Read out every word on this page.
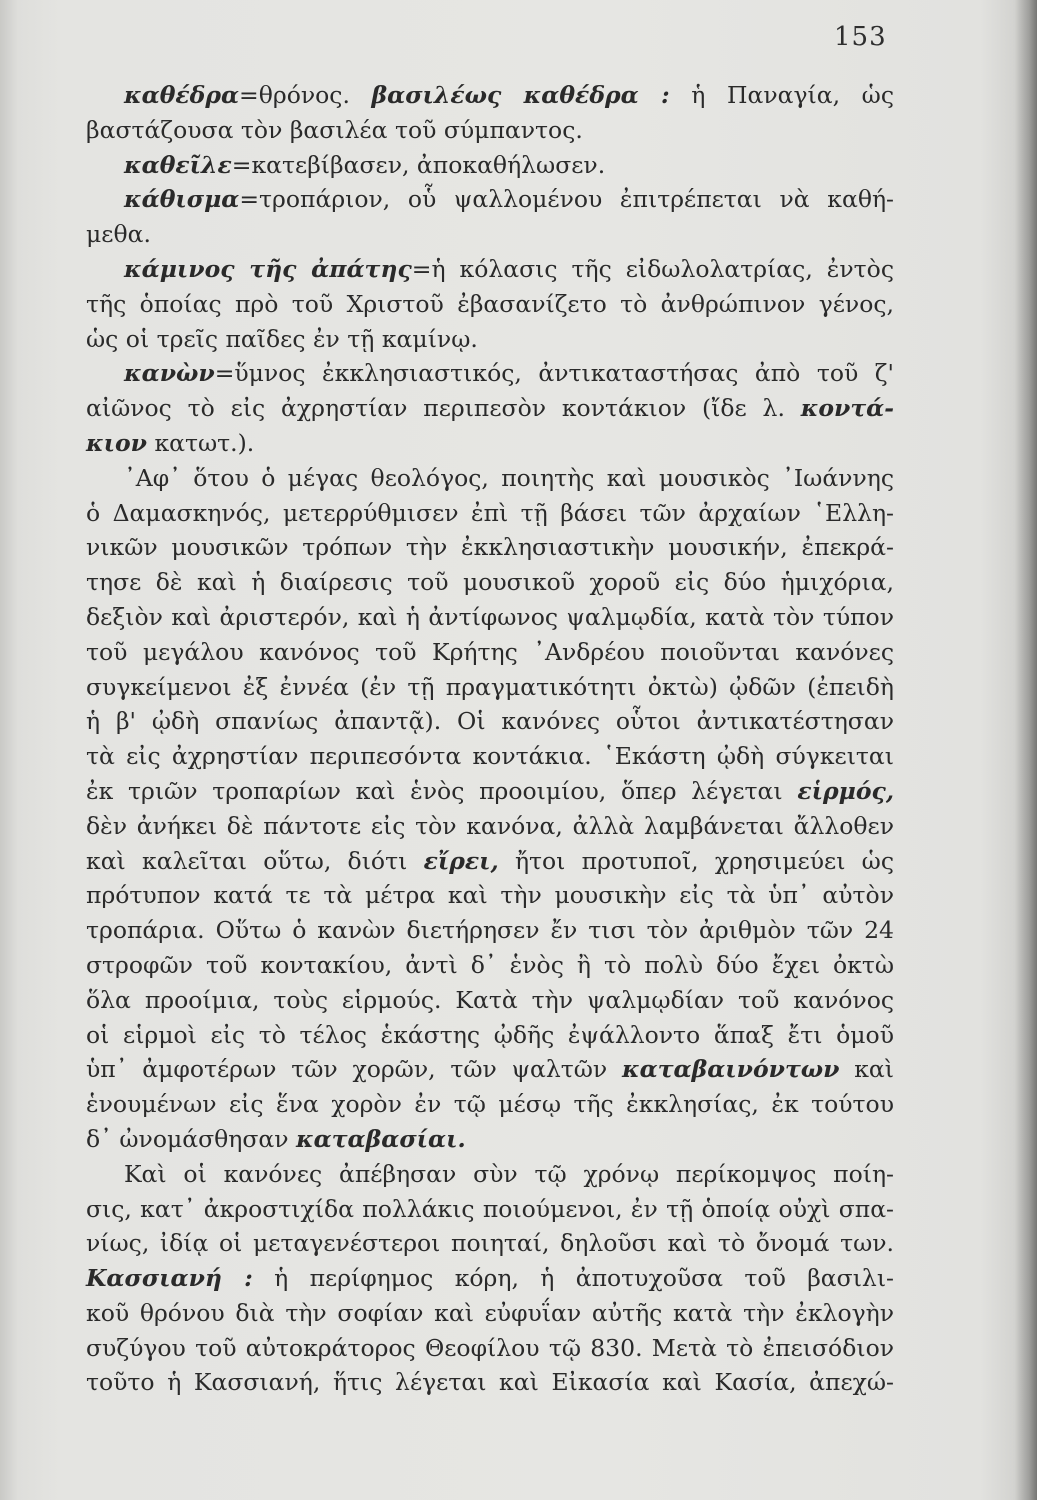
153
καθέδρα=θρόνος. βασιλέως καθέδρα : ἡ Παναγία, ὡς
βαστάζουσα τὸν βασιλέα τοῦ σύμπαντος.
καθεῖλε=κατεβίβασεν, ἀποκαθήλωσεν.
κάθισμα=τροπάριον, οὗ ψαλλομένου ἐπιτρέπεται νὰ καθή-
μεθα.
κάμινος τῆς ἀπάτης=ἡ κόλασις τῆς εἰδωλολατρίας, ἐντὸς
τῆς ὁποίας πρὸ τοῦ Χριστοῦ ἐβασανίζετο τὸ ἀνθρώπινον γένος,
ὡς οἱ τρεῖς παῖδες ἐν τῇ καμίνῳ.
κανὼν=ὕμνος ἐκκλησιαστικός, ἀντικαταστήσας ἀπὸ τοῦ ζ'
αἰῶνος τὸ εἰς ἀχρηστίαν περιπεσὸν κοντάκιον (ἴδε λ. κοντά-
κιον κατωτ.).
᾿Αφ᾿ ὅτου ὁ μέγας θεολόγος, ποιητὴς καὶ μουσικὸς ᾿Ιωάννης
ὁ Δαμασκηνός, μετερρύθμισεν ἐπὶ τῇ βάσει τῶν ἀρχαίων ῾Ελλη-
νικῶν μουσικῶν τρόπων τὴν ἐκκλησιαστικὴν μουσικήν, ἐπεκρά-
τησε δὲ καὶ ἡ διαίρεσις τοῦ μουσικοῦ χοροῦ εἰς δύο ἡμιχόρια,
δεξιὸν καὶ ἀριστερόν, καὶ ἡ ἀντίφωνος ψαλμῳδία, κατὰ τὸν τύπον
τοῦ μεγάλου κανόνος τοῦ Κρήτης ᾿Ανδρέου ποιοῦνται κανόνες
συγκείμενοι ἐξ ἐννέα (ἐν τῇ πραγματικότητι ὀκτὼ) ᾠδῶν (ἐπειδὴ
ἡ β' ᾠδὴ σπανίως ἀπαντᾷ). Οἱ κανόνες οὗτοι ἀντικατέστησαν
τὰ εἰς ἀχρηστίαν περιπεσόντα κοντάκια. ῾Εκάστη ᾠδὴ σύγκειται
ἐκ τριῶν τροπαρίων καὶ ἑνὸς προοιμίου, ὅπερ λέγεται εἱρμός,
δὲν ἀνήκει δὲ πάντοτε εἰς τὸν κανόνα, ἀλλὰ λαμβάνεται ἄλλοθεν
καὶ καλεῖται οὕτω, διότι εἴρει, ἤτοι προτυποῖ, χρησιμεύει ὡς
πρότυπον κατά τε τὰ μέτρα καὶ τὴν μουσικὴν εἰς τὰ ὑπ᾿ αὐτὸν
τροπάρια. Οὕτω ὁ κανὼν διετήρησεν ἔν τισι τὸν ἀριθμὸν τῶν 24
στροφῶν τοῦ κοντακίου, ἀντὶ δ᾿ ἑνὸς ἢ τὸ πολὺ δύο ἔχει ὀκτὼ
ὅλα προοίμια, τοὺς εἱρμούς. Κατὰ τὴν ψαλμῳδίαν τοῦ κανόνος
οἱ εἱρμοὶ εἰς τὸ τέλος ἑκάστης ᾠδῆς ἐψάλλοντο ἅπαξ ἔτι ὁμοῦ
ὑπ᾿ ἀμφοτέρων τῶν χορῶν, τῶν ψαλτῶν καταβαινόντων καὶ
ἑνουμένων εἰς ἕνα χορὸν ἐν τῷ μέσῳ τῆς ἐκκλησίας, ἐκ τούτου
δ᾿ ὠνομάσθησαν καταβασίαι.
Καὶ οἱ κανόνες ἀπέβησαν σὺν τῷ χρόνῳ περίκομψος ποίη-
σις, κατ᾿ ἀκροστιχίδα πολλάκις ποιούμενοι, ἐν τῇ ὁποίᾳ οὐχὶ σπα-
νίως, ἰδίᾳ οἱ μεταγενέστεροι ποιηταί, δηλοῦσι καὶ τὸ ὄνομά των.
Κασσιανή : ἡ περίφημος κόρη, ἡ ἀποτυχοῦσα τοῦ βασιλι-
κοῦ θρόνου διὰ τὴν σοφίαν καὶ εὐφυΐαν αὐτῆς κατὰ τὴν ἐκλογὴν
συζύγου τοῦ αὐτοκράτορος Θεοφίλου τῷ 830. Μετὰ τὸ ἐπεισόδιον
τοῦτο ἡ Κασσιανή, ἥτις λέγεται καὶ Εἰκασία καὶ Κασία, ἀπεχώ-
